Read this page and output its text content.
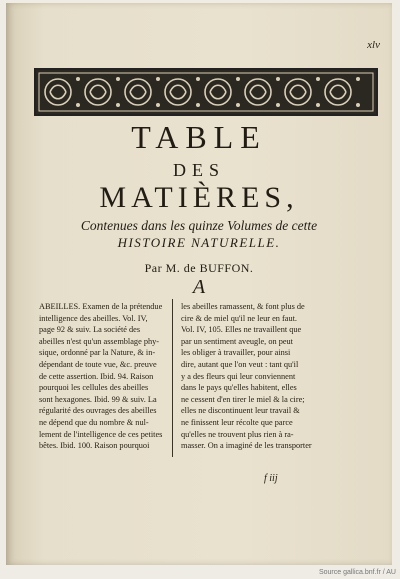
xlv
TABLE
DES
MATIÈRES,
Contenues dans les quinze Volumes de cette
HISTOIRE NATURELLE.
Par M. de BUFFON.
A
ABEILLES. Examen de la prétendue
intelligence des abeilles. Vol. IV,
page 92 & suiv. La société des
abeilles n'est qu'un assemblage phy-
sique, ordonné par la Nature, & in-
dépendant de toute vue, &c. preuve
de cette assertion. Ibid. 94. Raison
pourquoi les cellules des abeilles
sont hexagones. Ibid. 99 & suiv. La
régularité des ouvrages des abeilles
ne dépend que du nombre & nul-
lement de l'intelligence de ces petites
bêtes. Ibid. 100. Raison pourquoi
les abeilles ramassent, & font plus de
cire & de miel qu'il ne leur en faut.
Vol. IV, 105. Elles ne travaillent que
par un sentiment aveugle, on peut
les obliger à travailler, pour ainsi
dire, autant que l'on veut : tant qu'il
y a des fleurs qui leur conviennent
dans le pays qu'elles habitent, elles
ne cessent d'en tirer le miel & la cire;
elles ne discontinuent leur travail &
ne finissent leur récolte que parce
qu'elles ne trouvent plus rien à ra-
masser. On a imaginé de les transporter
f iij
Source gallica.bnf.fr / AU
